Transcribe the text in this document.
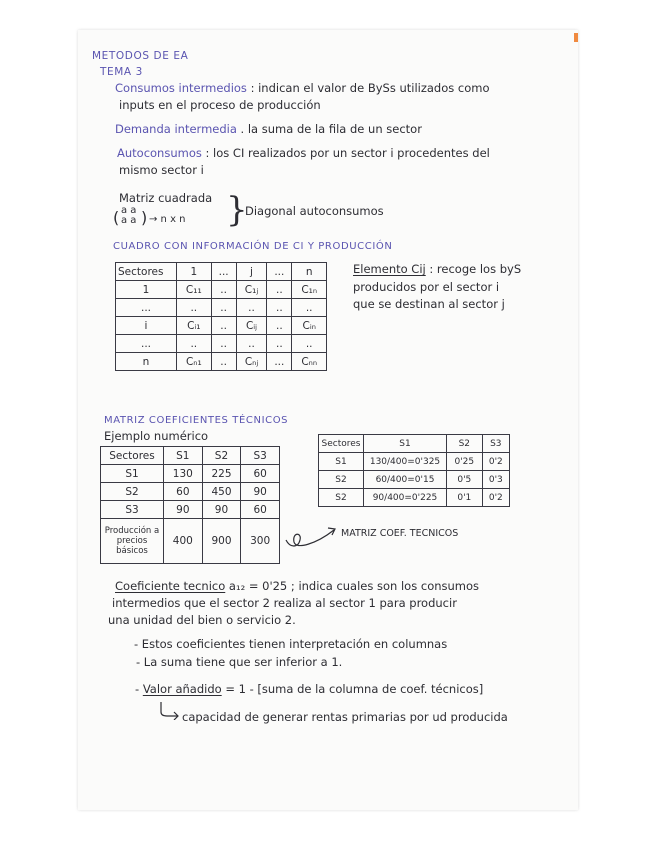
METODOS DE EA
TEMA 3
Consumos intermedios : indican el valor de BySs utilizados como
inputs en el proceso de producción
Demanda intermedia . la suma de la fila de un sector
Autoconsumos : los CI realizados por un sector i procedentes del
mismo sector i
Matriz cuadrada
( a a
a a ) → n x n }
Diagonal autoconsumos
CUADRO CON INFORMACIÓN DE CI Y PRODUCCIÓN
Sectores	1	...	j	...	n
1	C₁₁	..	C₁ⱼ	..	C₁ₙ
...	..	..	..	..	..
i	Cᵢ₁	..	Cᵢⱼ	..	Cᵢₙ
...	..	..	..	..	..
n	Cₙ₁	..	Cₙⱼ	...	Cₙₙ
Elemento Cij : recoge los byS
producidos por el sector i
que se destinan al sector j
MATRIZ COEFICIENTES TÉCNICOS
Ejemplo numérico
Sectores	S1	S2	S3
S1	130	225	60
S2	60	450	90
S3	90	90	60
Producción a precios básicos	400	900	300
Sectores	S1	S2	S3
S1	130/400=0'325	0'25	0'2
S2	60/400=0'15	0'5	0'3
S2	90/400=0'225	0'1	0'2
MATRIZ COEF. TECNICOS
Coeficiente tecnico a₁₂ = 0'25 ; indica cuales son los consumos
intermedios que el sector 2 realiza al sector 1 para producir
una unidad del bien o servicio 2.
- Estos coeficientes tienen interpretación en columnas
- La suma tiene que ser inferior a 1.
- Valor añadido = 1 - [suma de la columna de coef. técnicos]
capacidad de generar rentas primarias por ud producida
